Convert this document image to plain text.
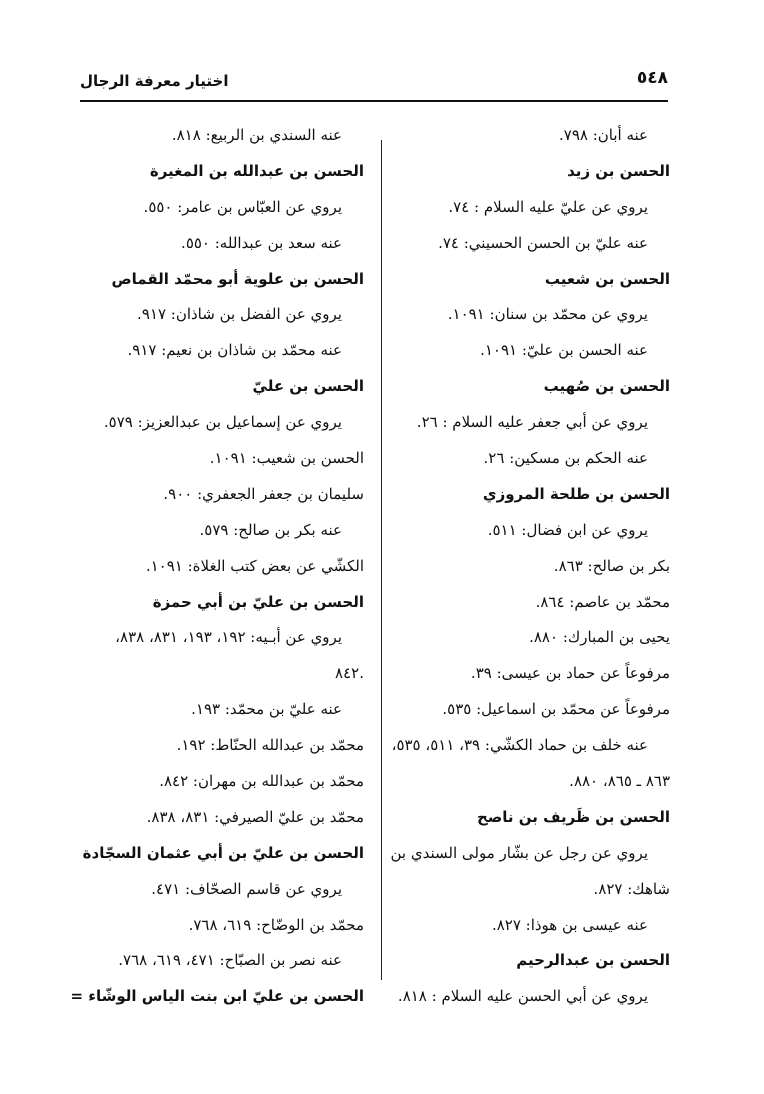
اختيار معرفة الرجال	٥٤٨
عنه أبان: ٧٩٨.
الحسن بن زيد
يروي عن عليّ عليه السلام : ٧٤.
عنه عليّ بن الحسن الحسيني: ٧٤.
الحسن بن شعيب
يروي عن محمّد بن سنان: ١٠٩١.
عنه الحسن بن عليّ: ١٠٩١.
الحسن بن صُهيب
يروي عن أبي جعفر عليه السلام : ٢٦.
عنه الحكم بن مسكين: ٢٦.
الحسن بن طلحة المروزي
يروي عن ابن فضال: ٥١١.
بكر بن صالح: ٨٦٣.
محمّد بن عاصم: ٨٦٤.
يحيى بن المبارك: ٨٨٠.
مرفوعاً عن حماد بن عيسى: ٣٩.
مرفوعاً عن محمّد بن اسماعيل: ٥٣٥.
عنه خلف بن حماد الكشّي: ٣٩، ٥١١، ٥٣٥،
٨٦٣ ـ ٨٦٥، ٨٨٠.
الحسن بن ظَريف بن ناصح
يروي عن رجل عن بشّار مولى السندي بن
شاهك: ٨٢٧.
عنه عيسى بن هوذا: ٨٢٧.
الحسن بن عبدالرحيم
يروي عن أبي الحسن عليه السلام : ٨١٨.
عنه السندي بن الربيع: ٨١٨.
الحسن بن عبدالله بن المغيرة
يروي عن العبّاس بن عامر: ٥٥٠.
عنه سعد بن عبدالله: ٥٥٠.
الحسن بن علوية أبو محمّد القماص
يروي عن الفضل بن شاذان: ٩١٧.
عنه محمّد بن شاذان بن نعيم: ٩١٧.
الحسن بن عليّ
يروي عن إسماعيل بن عبدالعزيز: ٥٧٩.
الحسن بن شعيب: ١٠٩١.
سليمان بن جعفر الجعفري: ٩٠٠.
عنه بكر بن صالح: ٥٧٩.
الكشّي عن بعض كتب الغلاة: ١٠٩١.
الحسن بن عليّ بن أبي حمزة
يروي عن أبـيه: ١٩٢، ١٩٣، ٨٣١، ٨٣٨،
٨٤٢.
عنه عليّ بن محمّد: ١٩٣.
محمّد بن عبدالله الحنّاط: ١٩٢.
محمّد بن عبدالله بن مهران: ٨٤٢.
محمّد بن عليّ الصيرفي: ٨٣١، ٨٣٨.
الحسن بن عليّ بن أبي عثمان السجّادة
يروي عن قاسم الصحّاف: ٤٧١.
محمّد بن الوضّاح: ٦١٩، ٧٦٨.
عنه نصر بن الصبّاح: ٤٧١، ٦١٩، ٧٦٨.
الحسن بن عليّ ابن بنت الياس الوشّاء =
